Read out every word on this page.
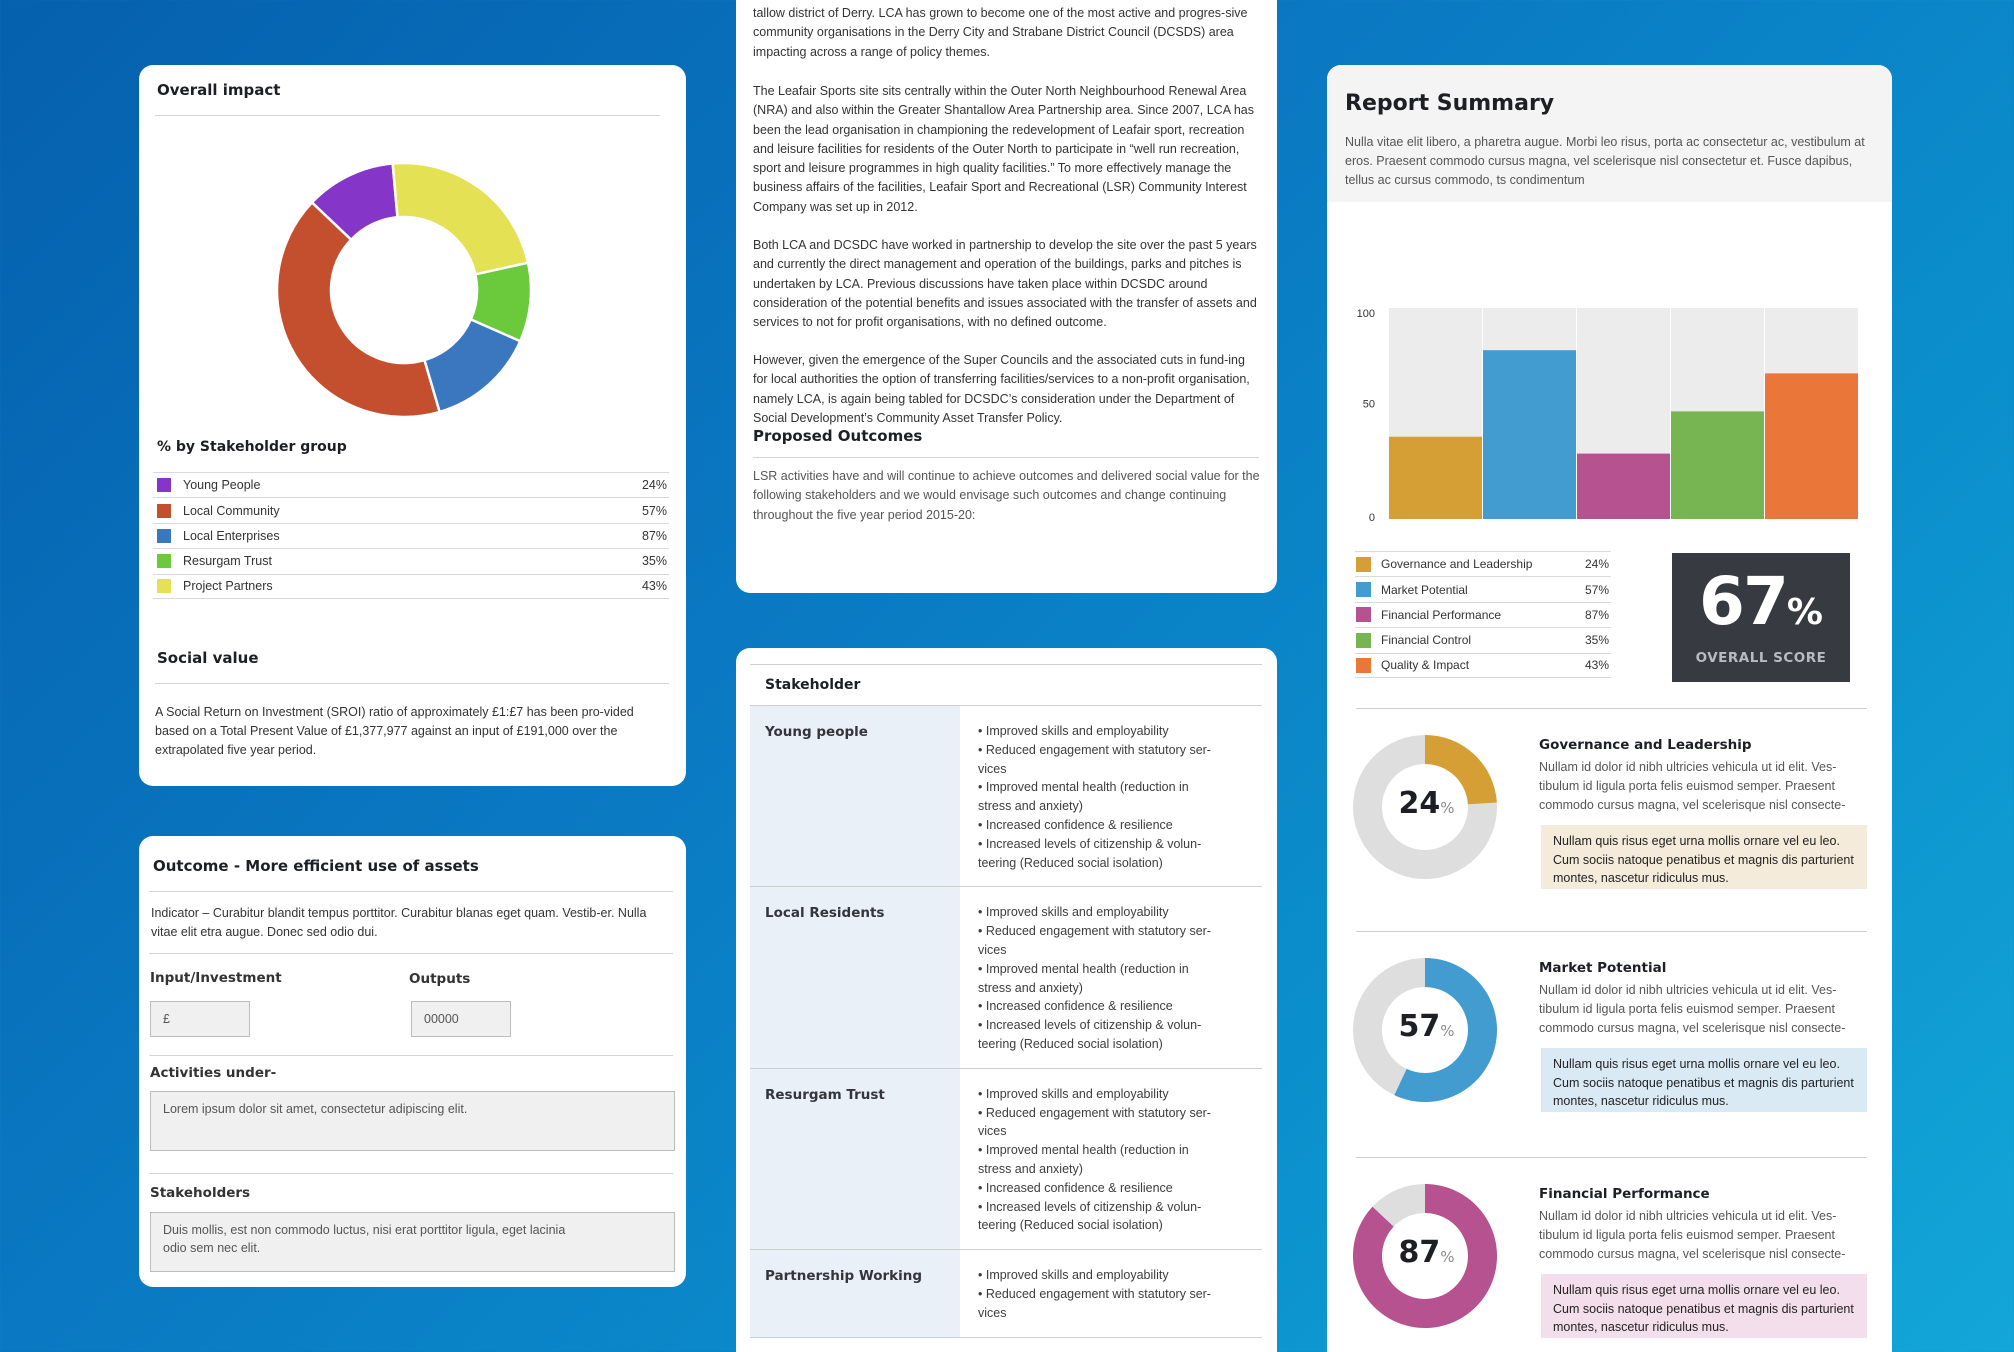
Overall impact
% by Stakeholder group
Young People	24%
Local Community	57%
Local Enterprises	87%
Resurgam Trust	35%
Project Partners	43%
Social value
A Social Return on Investment (SROI) ratio of approximately £1:£7 has been pro-vided based on a Total Present Value of £1,377,977 against an input of £191,000 over the extrapolated five year period.
Outcome - More efficient use of assets
Indicator – Curabitur blandit tempus porttitor. Curabitur blanas eget quam. Vestib-er. Nulla vitae elit etra augue. Donec sed odio dui.
Input/Investment	Outputs
£	00000
Activities under-
Lorem ipsum dolor sit amet, consectetur adipiscing elit.
Stakeholders
Duis mollis, est non commodo luctus, nisi erat porttitor ligula, eget lacinia odio sem nec elit.
tallow district of Derry. LCA has grown to become one of the most active and progres-sive community organisations in the Derry City and Strabane District Council (DCSDS) area impacting across a range of policy themes.
The Leafair Sports site sits centrally within the Outer North Neighbourhood Renewal Area (NRA) and also within the Greater Shantallow Area Partnership area. Since 2007, LCA has been the lead organisation in championing the redevelopment of Leafair sport, recreation and leisure facilities for residents of the Outer North to participate in “well run recreation, sport and leisure programmes in high quality facilities.” To more effectively manage the business affairs of the facilities, Leafair Sport and Recreational (LSR) Community Interest Company was set up in 2012.
Both LCA and DCSDC have worked in partnership to develop the site over the past 5 years and currently the direct management and operation of the buildings, parks and pitches is undertaken by LCA. Previous discussions have taken place within DCSDC around consideration of the potential benefits and issues associated with the transfer of assets and services to not for profit organisations, with no defined outcome.
However, given the emergence of the Super Councils and the associated cuts in fund-ing for local authorities the option of transferring facilities/services to a non-profit organisation, namely LCA, is again being tabled for DCSDC’s consideration under the Department of Social Development’s Community Asset Transfer Policy.
Proposed Outcomes
LSR activities have and will continue to achieve outcomes and delivered social value for the following stakeholders and we would envisage such outcomes and change continuing throughout the five year period 2015-20:
Stakeholder
Young people	• Improved skills and employability
• Reduced engagement with statutory ser-
vices
• Improved mental health (reduction in
stress and anxiety)
• Increased confidence & resilience
• Increased levels of citizenship & volun-
teering (Reduced social isolation)
Local Residents	• Improved skills and employability
• Reduced engagement with statutory ser-
vices
• Improved mental health (reduction in
stress and anxiety)
• Increased confidence & resilience
• Increased levels of citizenship & volun-
teering (Reduced social isolation)
Resurgam Trust	• Improved skills and employability
• Reduced engagement with statutory ser-
vices
• Improved mental health (reduction in
stress and anxiety)
• Increased confidence & resilience
• Increased levels of citizenship & volun-
teering (Reduced social isolation)
Partnership Working	• Improved skills and employability
• Reduced engagement with statutory ser-
vices
Report Summary
Nulla vitae elit libero, a pharetra augue. Morbi leo risus, porta ac consectetur ac, vestibulum at eros. Praesent commodo cursus magna, vel scelerisque nisl consectetur et. Fusce dapibus, tellus ac cursus commodo, ts condimentum
0
50
100
Governance and Leadership	24%
Market Potential	57%
Financial Performance	87%
Financial Control	35%
Quality & Impact	43%
67%
OVERALL SCORE
24%
Governance and Leadership
Nullam id dolor id nibh ultricies vehicula ut id elit. Ves-tibulum id ligula porta felis euismod semper. Praesent commodo cursus magna, vel scelerisque nisl consecte-
Nullam quis risus eget urna mollis ornare vel eu leo. Cum sociis natoque penatibus et magnis dis parturient montes, nascetur ridiculus mus.
57%
Market Potential
Nullam id dolor id nibh ultricies vehicula ut id elit. Ves-tibulum id ligula porta felis euismod semper. Praesent commodo cursus magna, vel scelerisque nisl consecte-
Nullam quis risus eget urna mollis ornare vel eu leo. Cum sociis natoque penatibus et magnis dis parturient montes, nascetur ridiculus mus.
87%
Financial Performance
Nullam id dolor id nibh ultricies vehicula ut id elit. Ves-tibulum id ligula porta felis euismod semper. Praesent commodo cursus magna, vel scelerisque nisl consecte-
Nullam quis risus eget urna mollis ornare vel eu leo. Cum sociis natoque penatibus et magnis dis parturient montes, nascetur ridiculus mus.
